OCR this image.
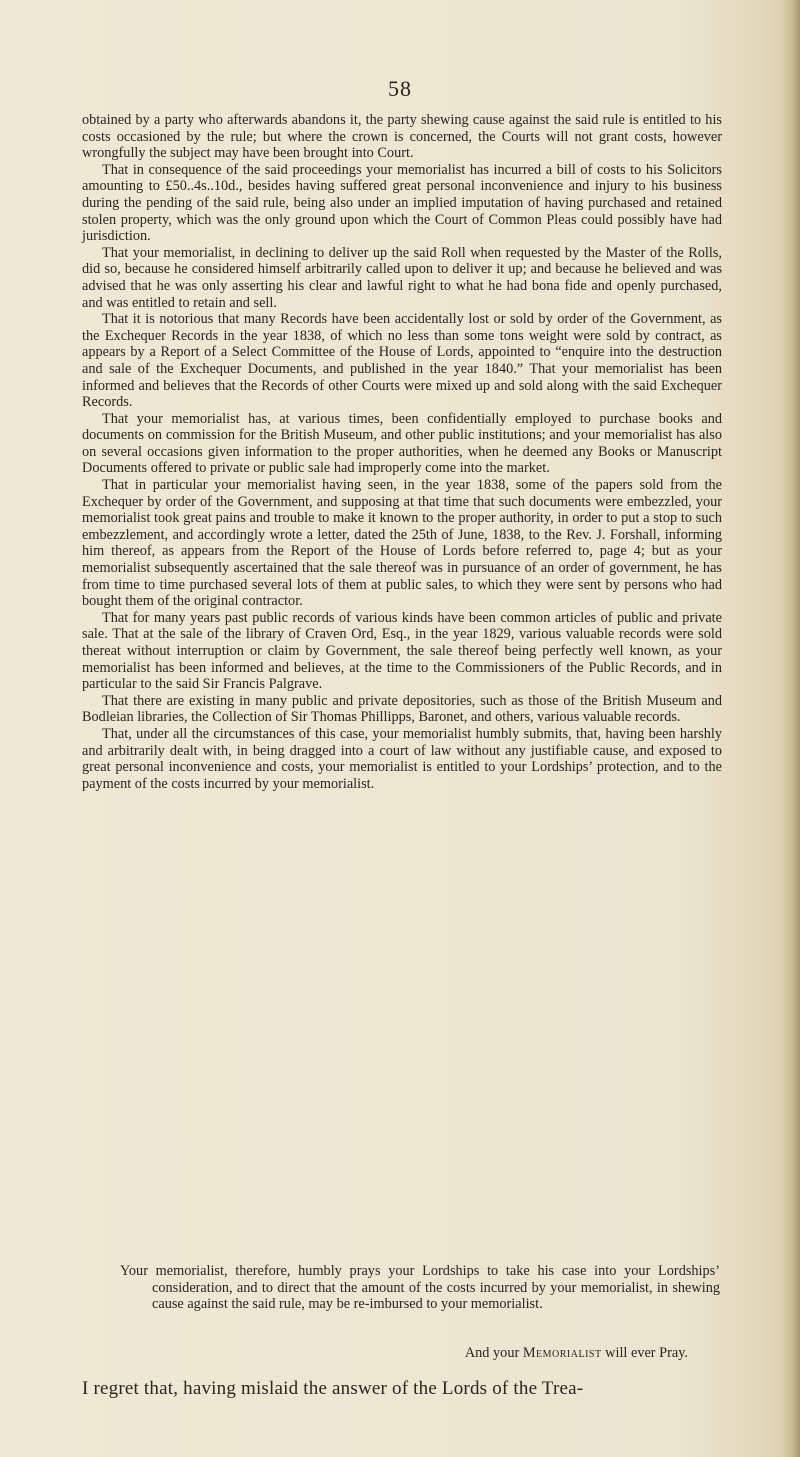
58

obtained by a party who afterwards abandons it, the party shewing cause against the said rule is entitled to his costs occasioned by the rule; but where the crown is concerned, the Courts will not grant costs, however wrongfully the subject may have been brought into Court.

That in consequence of the said proceedings your memorialist has incurred a bill of costs to his Solicitors amounting to £50..4s..10d., besides having suffered great personal inconvenience and injury to his business during the pending of the said rule, being also under an implied imputation of having purchased and retained stolen property, which was the only ground upon which the Court of Common Pleas could possibly have had jurisdiction.

That your memorialist, in declining to deliver up the said Roll when requested by the Master of the Rolls, did so, because he considered himself arbitrarily called upon to deliver it up; and because he believed and was advised that he was only asserting his clear and lawful right to what he had bona fide and openly purchased, and was entitled to retain and sell.

That it is notorious that many Records have been accidentally lost or sold by order of the Government, as the Exchequer Records in the year 1838, of which no less than some tons weight were sold by contract, as appears by a Report of a Select Committee of the House of Lords, appointed to “enquire into the destruction and sale of the Exchequer Documents, and published in the year 1840.” That your memorialist has been informed and believes that the Records of other Courts were mixed up and sold along with the said Exchequer Records.

That your memorialist has, at various times, been confidentially employed to purchase books and documents on commission for the British Museum, and other public institutions; and your memorialist has also on several occasions given information to the proper authorities, when he deemed any Books or Manuscript Documents offered to private or public sale had improperly come into the market.

That in particular your memorialist having seen, in the year 1838, some of the papers sold from the Exchequer by order of the Government, and supposing at that time that such documents were embezzled, your memorialist took great pains and trouble to make it known to the proper authority, in order to put a stop to such embezzlement, and accordingly wrote a letter, dated the 25th of June, 1838, to the Rev. J. Forshall, informing him thereof, as appears from the Report of the House of Lords before referred to, page 4; but as your memorialist subsequently ascertained that the sale thereof was in pursuance of an order of government, he has from time to time purchased several lots of them at public sales, to which they were sent by persons who had bought them of the original contractor.

That for many years past public records of various kinds have been common articles of public and private sale. That at the sale of the library of Craven Ord, Esq., in the year 1829, various valuable records were sold thereat without interruption or claim by Government, the sale thereof being perfectly well known, as your memorialist has been informed and believes, at the time to the Commissioners of the Public Records, and in particular to the said Sir Francis Palgrave.

That there are existing in many public and private depositories, such as those of the British Museum and Bodleian libraries, the Collection of Sir Thomas Phillipps, Baronet, and others, various valuable records.

That, under all the circumstances of this case, your memorialist humbly submits, that, having been harshly and arbitrarily dealt with, in being dragged into a court of law without any justifiable cause, and exposed to great personal inconvenience and costs, your memorialist is entitled to your Lordships’ protection, and to the payment of the costs incurred by your memorialist.

Your memorialist, therefore, humbly prays your Lordships to take his case into your Lordships’ consideration, and to direct that the amount of the costs incurred by your memorialist, in shewing cause against the said rule, may be re-imbursed to your memorialist.

And your Memorialist will ever Pray.
I regret that, having mislaid the answer of the Lords of the Trea-
